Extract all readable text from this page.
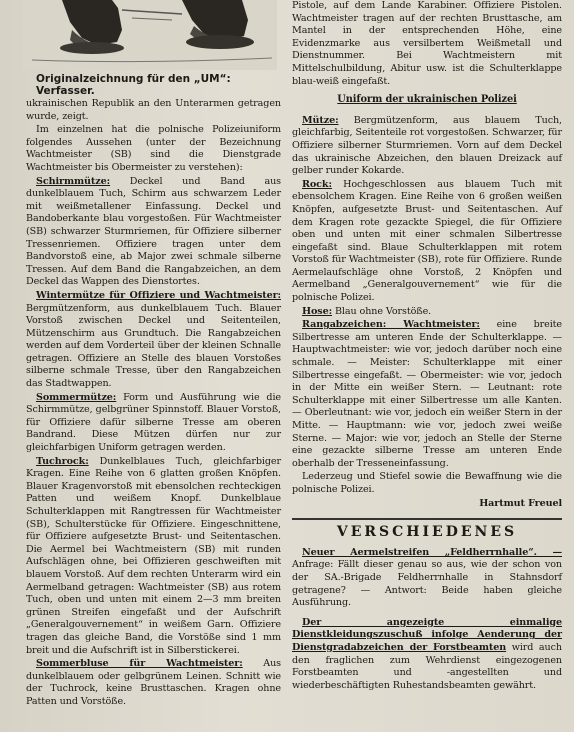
Originalzeichnung für den „UM“: Verfasser.

ukrainischen Republik an den Unterarmen getragen wurde, zeigt.

Im einzelnen hat die polnische Polizeiuniform folgendes Aussehen (unter der Bezeichnung Wachtmeister (SB) sind die Dienstgrade Wachtmeister bis Obermeister zu verstehen):

Schirmmütze: Deckel und Band aus dunkelblauem Tuch, Schirm aus schwarzem Leder mit weißmetallener Einfassung. Deckel und Bandoberkante blau vorgestoßen. Für Wachtmeister (SB) schwarzer Sturmriemen, für Offiziere silberner Tressenriemen. Offiziere tragen unter dem Bandvorstoß eine, ab Major zwei schmale silberne Tressen. Auf dem Band die Rangabzeichen, an dem Deckel das Wappen des Dienstortes.

Wintermütze für Offiziere und Wachtmeister: Bergmützenform, aus dunkelblauem Tuch. Blauer Vorstoß zwischen Deckel und Seitenteilen, Mützenschirm aus Grundtuch. Die Rangabzeichen werden auf dem Vorderteil über der kleinen Schnalle getragen. Offiziere an Stelle des blauen Vorstoßes silberne schmale Tresse, über den Rangabzeichen das Stadtwappen.

Sommermütze: Form und Ausführung wie die Schirmmütze, gelbgrüner Spinnstoff. Blauer Vorstoß, für Offiziere dafür silberne Tresse am oberen Bandrand. Diese Mützen dürfen nur zur gleichfarbigen Uniform getragen werden.

Tuchrock: Dunkelblaues Tuch, gleichfarbiger Kragen. Eine Reihe von 6 glatten großen Knöpfen. Blauer Kragenvorstoß mit ebensolchen rechteckigen Patten und weißem Knopf. Dunkelblaue Schulterklappen mit Rangtressen für Wachtmeister (SB), Schulterstücke für Offiziere. Eingeschnittene, für Offiziere aufgesetzte Brust- und Seitentaschen. Die Aermel bei Wachtmeistern (SB) mit runden Aufschlägen ohne, bei Offizieren geschweiften mit blauem Vorstoß. Auf dem rechten Unterarm wird ein Aermelband getragen: Wachtmeister (SB) aus rotem Tuch, oben und unten mit einem 2—3 mm breiten grünen Streifen eingefaßt und der Aufschrift „Generalgouvernement“ in weißem Garn. Offiziere tragen das gleiche Band, die Vorstöße sind 1 mm breit und die Aufschrift ist in Silberstickerei.

Sommerbluse für Wachtmeister: Aus dunkelblauem oder gelbgrünem Leinen. Schnitt wie der Tuchrock, keine Brusttaschen. Kragen ohne Patten und Vorstöße.

Pistole, auf dem Lande Karabiner. Offiziere Pistolen. Wachtmeister tragen auf der rechten Brusttasche, am Mantel in der entsprechenden Höhe, eine Evidenzmarke aus versilbertem Weißmetall und Dienstnummer. Bei Wachtmeistern mit Mittelschulbildung, Abitur usw. ist die Schulterklappe blau-weiß eingefaßt.

Uniform der ukrainischen Polizei

Mütze: Bergmützenform, aus blauem Tuch, gleichfarbig, Seitenteile rot vorgestoßen. Schwarzer, für Offiziere silberner Sturmriemen. Vorn auf dem Deckel das ukrainische Abzeichen, den blauen Dreizack auf gelber runder Kokarde.

Rock: Hochgeschlossen aus blauem Tuch mit ebensolchem Kragen. Eine Reihe von 6 großen weißen Knöpfen, aufgesetzte Brust- und Seitentaschen. Auf dem Kragen rote gezackte Spiegel, die für Offiziere oben und unten mit einer schmalen Silbertresse eingefaßt sind. Blaue Schulterklappen mit rotem Vorstoß für Wachtmeister (SB), rote für Offiziere. Runde Aermelaufschläge ohne Vorstoß, 2 Knöpfen und Aermelband „Generalgouvernement“ wie für die polnische Polizei.

Hose: Blau ohne Vorstöße.

Rangabzeichen: Wachtmeister: eine breite Silbertresse am unteren Ende der Schulterklappe. — Hauptwachtmeister: wie vor, jedoch darüber noch eine schmale. — Meister: Schulterklappe mit einer Silbertresse eingefaßt. — Obermeister: wie vor, jedoch in der Mitte ein weißer Stern. — Leutnant: rote Schulterklappe mit einer Silbertresse um alle Kanten. — Oberleutnant: wie vor, jedoch ein weißer Stern in der Mitte. — Hauptmann: wie vor, jedoch zwei weiße Sterne. — Major: wie vor, jedoch an Stelle der Sterne eine gezackte silberne Tresse am unteren Ende oberhalb der Tresseneinfassung.

Lederzeug und Stiefel sowie die Bewaffnung wie die polnische Polizei.

Hartmut Freuel
VERSCHIEDENES

Neuer Aermelstreifen „Feldherrnhalle“. — Anfrage: Fällt dieser genau so aus, wie der schon von der SA.-Brigade Feldherrnhalle in Stahnsdorf getragene? — Antwort: Beide haben gleiche Ausführung.

Der angezeigte einmalige Dienstkleidungszuschuß infolge Aenderung der Dienstgradabzeichen der Forstbeamten wird auch den fraglichen zum Wehrdienst eingezogenen Forstbeamten und -angestellten und wiederbeschäftigten Ruhestandsbeamten gewährt.
